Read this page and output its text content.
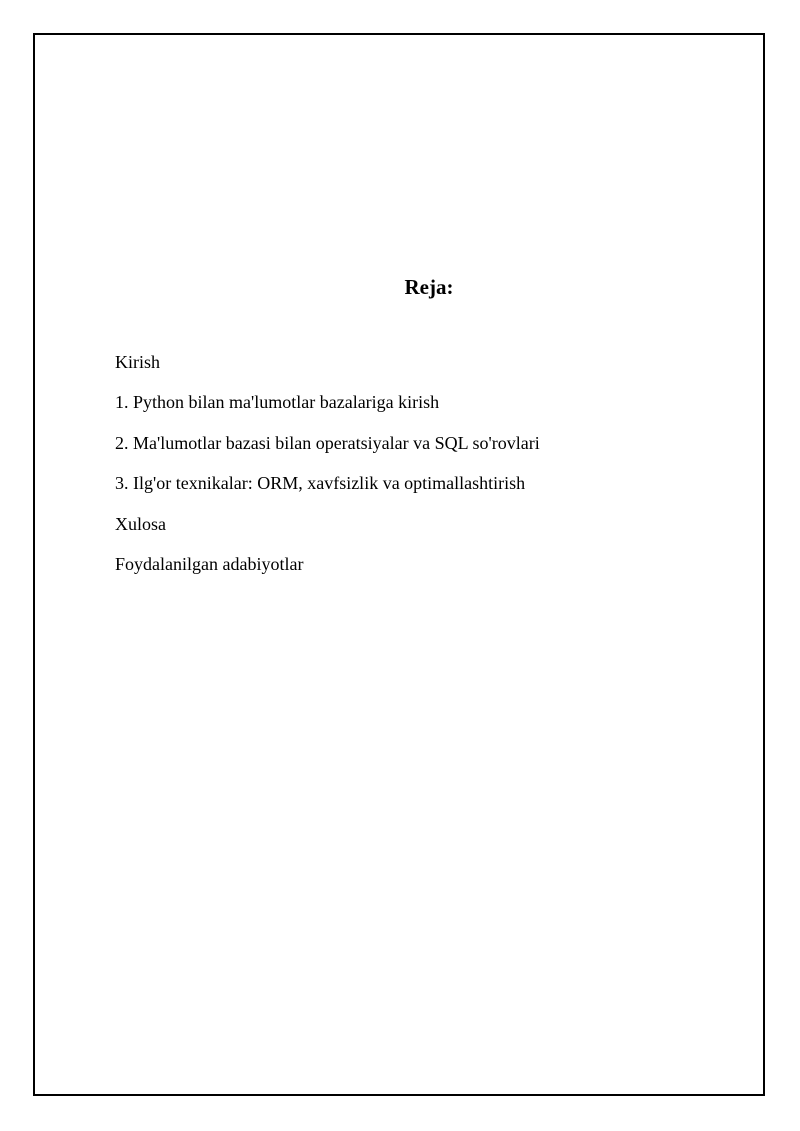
Reja:
Kirish
1. Python bilan ma'lumotlar bazalariga kirish
2. Ma'lumotlar bazasi bilan operatsiyalar va SQL so'rovlari
3. Ilg'or texnikalar: ORM, xavfsizlik va optimallashtirish
Xulosa
Foydalanilgan adabiyotlar
